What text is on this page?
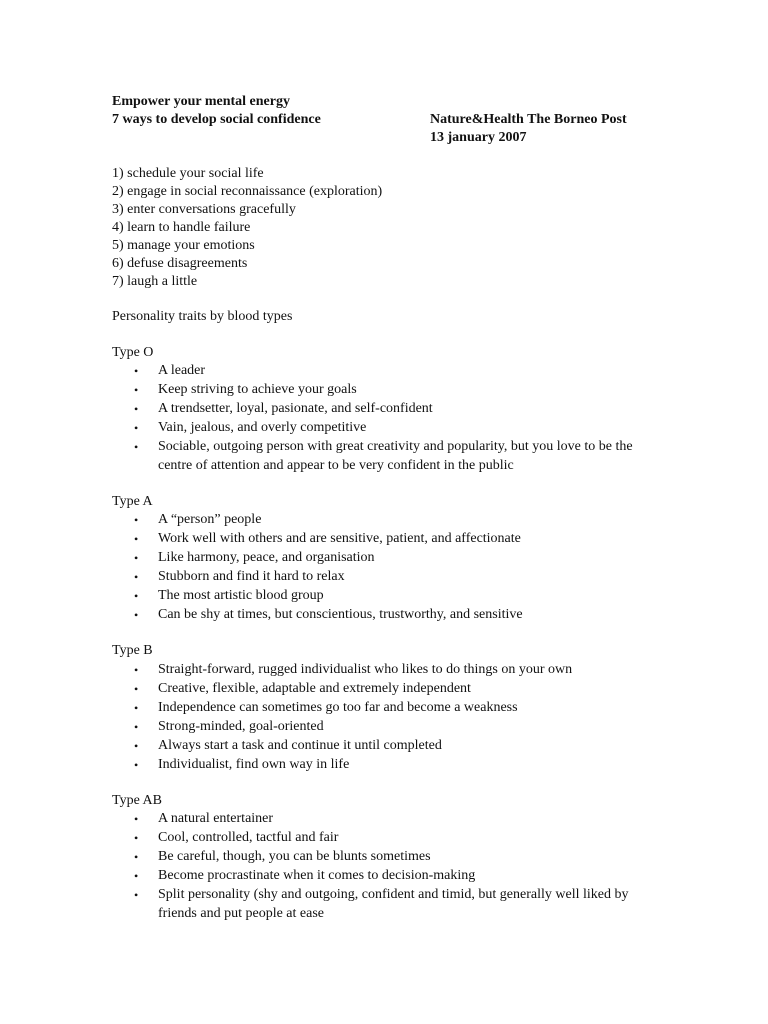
Empower your mental energy
7 ways to develop social confidence	Nature&Health The Borneo Post
13 january 2007
1) schedule your social life
2) engage in social reconnaissance (exploration)
3) enter conversations gracefully
4) learn to handle failure
5) manage your emotions
6) defuse disagreements
7) laugh a little
Personality traits by blood types
Type O
• A leader
• Keep striving to achieve your goals
• A trendsetter, loyal, pasionate, and self-confident
• Vain, jealous, and overly competitive
• Sociable, outgoing person with great creativity and popularity, but you love to be the centre of attention and appear to be very confident in the public
Type A
• A “person” people
• Work well with others and are sensitive, patient, and affectionate
• Like harmony, peace, and organisation
• Stubborn and find it hard to relax
• The most artistic blood group
• Can be shy at times, but conscientious, trustworthy, and sensitive
Type B
• Straight-forward, rugged individualist who likes to do things on your own
• Creative, flexible, adaptable and extremely independent
• Independence can sometimes go too far and become a weakness
• Strong-minded, goal-oriented
• Always start a task and continue it until completed
• Individualist, find own way in life
Type AB
• A natural entertainer
• Cool, controlled, tactful and fair
• Be careful, though, you can be blunts sometimes
• Become procrastinate when it comes to decision-making
• Split personality (shy and outgoing, confident and timid, but generally well liked by friends and put people at ease
